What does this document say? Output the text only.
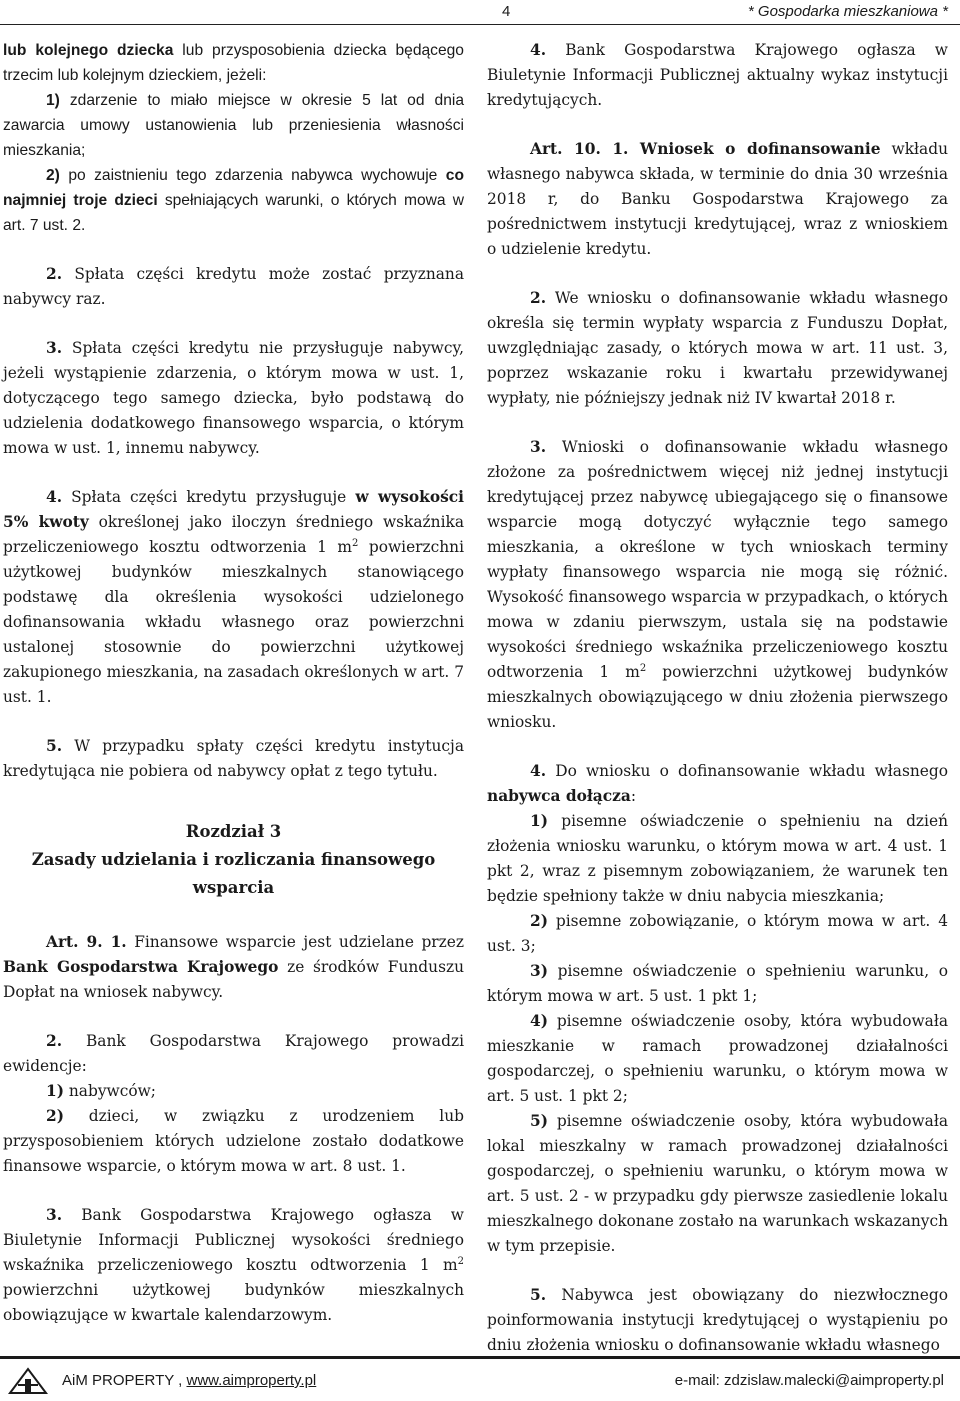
4	* Gospodarka mieszkaniowa *

lub kolejnego dziecka lub przysposobienia dziecka będącego trzecim lub kolejnym dzieckiem, jeżeli:

1) zdarzenie to miało miejsce w okresie 5 lat od dnia zawarcia umowy ustanowienia lub przeniesienia własności mieszkania;

2) po zaistnieniu tego zdarzenia nabywca wychowuje co najmniej troje dzieci spełniających warunki, o których mowa w art. 7 ust. 2.

2. Spłata części kredytu może zostać przyznana nabywcy raz.

3. Spłata części kredytu nie przysługuje nabywcy, jeżeli wystąpienie zdarzenia, o którym mowa w ust. 1, dotyczącego tego samego dziecka, było podstawą do udzielenia dodatkowego finansowego wsparcia, o którym mowa w ust. 1, innemu nabywcy.

4. Spłata części kredytu przysługuje w wysokości 5% kwoty określonej jako iloczyn średniego wskaźnika przeliczeniowego kosztu odtworzenia 1 $m^2$ powierzchni użytkowej budynków mieszkalnych stanowiącego podstawę dla określenia wysokości udzielonego dofinansowania wkładu własnego oraz powierzchni ustalonej stosownie do powierzchni użytkowej zakupionego mieszkania, na zasadach określonych w art. 7 ust. 1.

5. W przypadku spłaty części kredytu instytucja kredytująca nie pobiera od nabywcy opłat z tego tytułu.

Rozdział 3

Zasady udzielania i rozliczania finansowego wsparcia

Art. 9. 1. Finansowe wsparcie jest udzielane przez Bank Gospodarstwa Krajowego ze środków Funduszu Dopłat na wniosek nabywcy.

2. Bank Gospodarstwa Krajowego prowadzi ewidencje:

1) nabywców;

2) dzieci, w związku z urodzeniem lub przysposobieniem których udzielone zostało dodatkowe finansowe wsparcie, o którym mowa w art. 8 ust. 1.

3. Bank Gospodarstwa Krajowego ogłasza w Biuletynie Informacji Publicznej wysokości średniego wskaźnika przeliczeniowego kosztu odtworzenia 1 $m^2$ powierzchni użytkowej budynków mieszkalnych obowiązujące w kwartale kalendarzowym.

4. Bank Gospodarstwa Krajowego ogłasza w Biuletynie Informacji Publicznej aktualny wykaz instytucji kredytujących.

Art. 10. 1. Wniosek o dofinansowanie wkładu własnego nabywca składa, w terminie do dnia 30 września 2018 r, do Banku Gospodarstwa Krajowego za pośrednictwem instytucji kredytującej, wraz z wnioskiem o udzielenie kredytu.

2. We wniosku o dofinansowanie wkładu własnego określa się termin wypłaty wsparcia z Funduszu Dopłat, uwzględniając zasady, o których mowa w art. 11 ust. 3, poprzez wskazanie roku i kwartału przewidywanej wypłaty, nie późniejszy jednak niż IV kwartał 2018 r.

3. Wnioski o dofinansowanie wkładu własnego złożone za pośrednictwem więcej niż jednej instytucji kredytującej przez nabywcę ubiegającego się o finansowe wsparcie mogą dotyczyć wyłącznie tego samego mieszkania, a określone w tych wnioskach terminy wypłaty finansowego wsparcia nie mogą się różnić. Wysokość finansowego wsparcia w przypadkach, o których mowa w zdaniu pierwszym, ustala się na podstawie wysokości średniego wskaźnika przeliczeniowego kosztu odtworzenia 1 $m^2$ powierzchni użytkowej budynków mieszkalnych obowiązującego w dniu złożenia pierwszego wniosku.

4. Do wniosku o dofinansowanie wkładu własnego nabywca dołącza:

1) pisemne oświadczenie o spełnieniu na dzień złożenia wniosku warunku, o którym mowa w art. 4 ust. 1 pkt 2, wraz z pisemnym zobowiązaniem, że warunek ten będzie spełniony także w dniu nabycia mieszkania;

2) pisemne zobowiązanie, o którym mowa w art. 4 ust. 3;

3) pisemne oświadczenie o spełnieniu warunku, o którym mowa w art. 5 ust. 1 pkt 1;

4) pisemne oświadczenie osoby, która wybudowała mieszkanie w ramach prowadzonej działalności gospodarczej, o spełnieniu warunku, o którym mowa w art. 5 ust. 1 pkt 2;

5) pisemne oświadczenie osoby, która wybudowała lokal mieszkalny w ramach prowadzonej działalności gospodarczej, o spełnieniu warunku, o którym mowa w art. 5 ust. 2 - w przypadku gdy pierwsze zasiedlenie lokalu mieszkalnego dokonane zostało na warunkach wskazanych w tym przepisie.

5. Nabywca jest obowiązany do niezwłocznego poinformowania instytucji kredytującej o wystąpieniu po dniu złożenia wniosku o dofinansowanie wkładu własnego

AiM PROPERTY , www.aimproperty.pl	e-mail: zdzislaw.malecki@aimproperty.pl
